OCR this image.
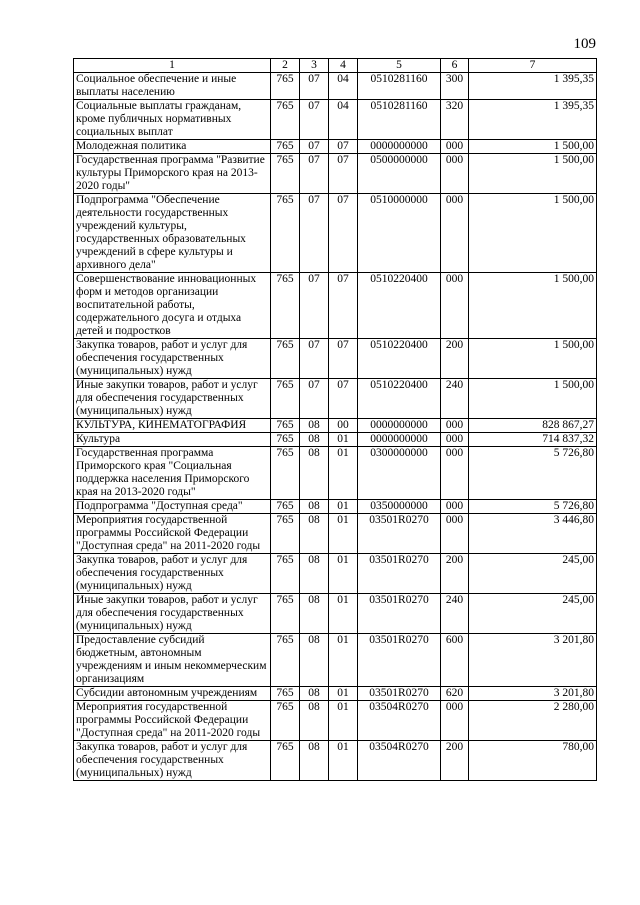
109
1	2	3	4	5	6	7
Социальное обеспечение и иные выплаты населению	765	07	04	0510281160	300	1 395,35
Социальные выплаты гражданам, кроме публичных нормативных социальных выплат	765	07	04	0510281160	320	1 395,35
Молодежная политика	765	07	07	0000000000	000	1 500,00
Государственная программа "Развитие культуры Приморского края на 2013-2020 годы"	765	07	07	0500000000	000	1 500,00
Подпрограмма "Обеспечение деятельности государственных учреждений культуры, государственных образовательных учреждений в сфере культуры и архивного дела"	765	07	07	0510000000	000	1 500,00
Совершенствование инновационных форм и методов организации воспитательной работы, содержательного досуга и отдыха детей и подростков	765	07	07	0510220400	000	1 500,00
Закупка товаров, работ и услуг для обеспечения государственных (муниципальных) нужд	765	07	07	0510220400	200	1 500,00
Иные закупки товаров, работ и услуг для обеспечения государственных (муниципальных) нужд	765	07	07	0510220400	240	1 500,00
КУЛЬТУРА, КИНЕМАТОГРАФИЯ	765	08	00	0000000000	000	828 867,27
Культура	765	08	01	0000000000	000	714 837,32
Государственная программа Приморского края "Социальная поддержка населения Приморского края на 2013-2020 годы"	765	08	01	0300000000	000	5 726,80
Подпрограмма "Доступная среда"	765	08	01	0350000000	000	5 726,80
Мероприятия государственной программы Российской Федерации "Доступная среда" на 2011-2020 годы	765	08	01	03501R0270	000	3 446,80
Закупка товаров, работ и услуг для обеспечения государственных (муниципальных) нужд	765	08	01	03501R0270	200	245,00
Иные закупки товаров, работ и услуг для обеспечения государственных (муниципальных) нужд	765	08	01	03501R0270	240	245,00
Предоставление субсидий бюджетным, автономным учреждениям и иным некоммерческим организациям	765	08	01	03501R0270	600	3 201,80
Субсидии автономным учреждениям	765	08	01	03501R0270	620	3 201,80
Мероприятия государственной программы Российской Федерации "Доступная среда" на 2011-2020 годы	765	08	01	03504R0270	000	2 280,00
Закупка товаров, работ и услуг для обеспечения государственных (муниципальных) нужд	765	08	01	03504R0270	200	780,00
